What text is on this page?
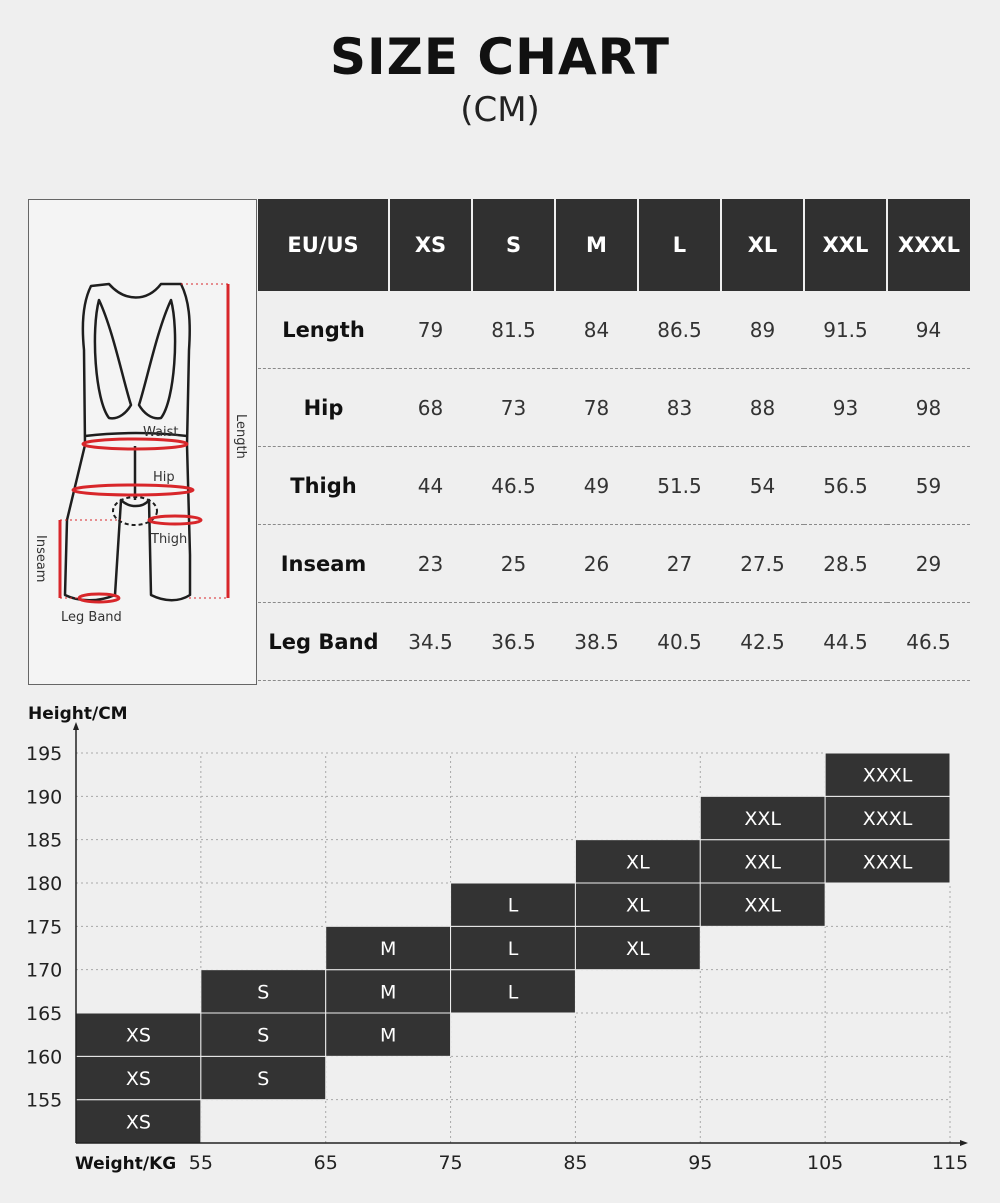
SIZE CHART
(CM)
Waist
Hip
Thigh
Leg Band
Length
Inseam
EU/US	XS	S	M	L	XL	XXL	XXXL
Length	79	81.5	84	86.5	89	91.5	94
Hip	68	73	78	83	88	93	98
Thigh	44	46.5	49	51.5	54	56.5	59
Inseam	23	25	26	27	27.5	28.5	29
Leg Band	34.5	36.5	38.5	40.5	42.5	44.5	46.5
XS
XS
XS
S
S
S
M
M
M
L
L
L
XL
XL
XL
XXL
XXL
XXL
XXXL
XXXL
XXXL
Height/CM
Weight/KG
155
160
165
170
175
180
185
190
195
55	65	75	85	95	105	115
